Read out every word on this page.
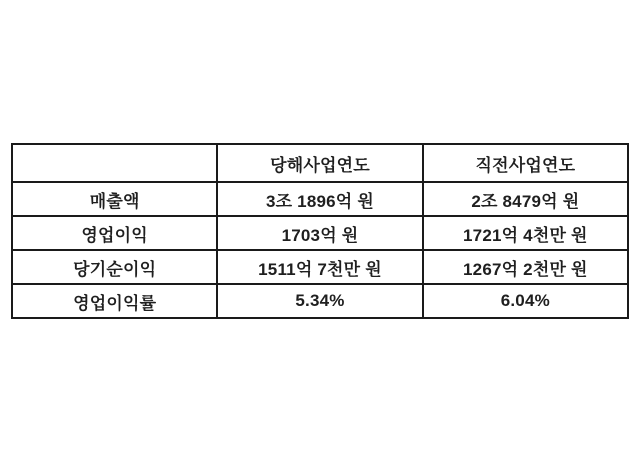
	당해사업연도	직전사업연도
매출액	3조 1896억 원	2조 8479억 원
영업이익	1703억 원	1721억 4천만 원
당기순이익	1511억 7천만 원	1267억 2천만 원
영업이익률	5.34%	6.04%
